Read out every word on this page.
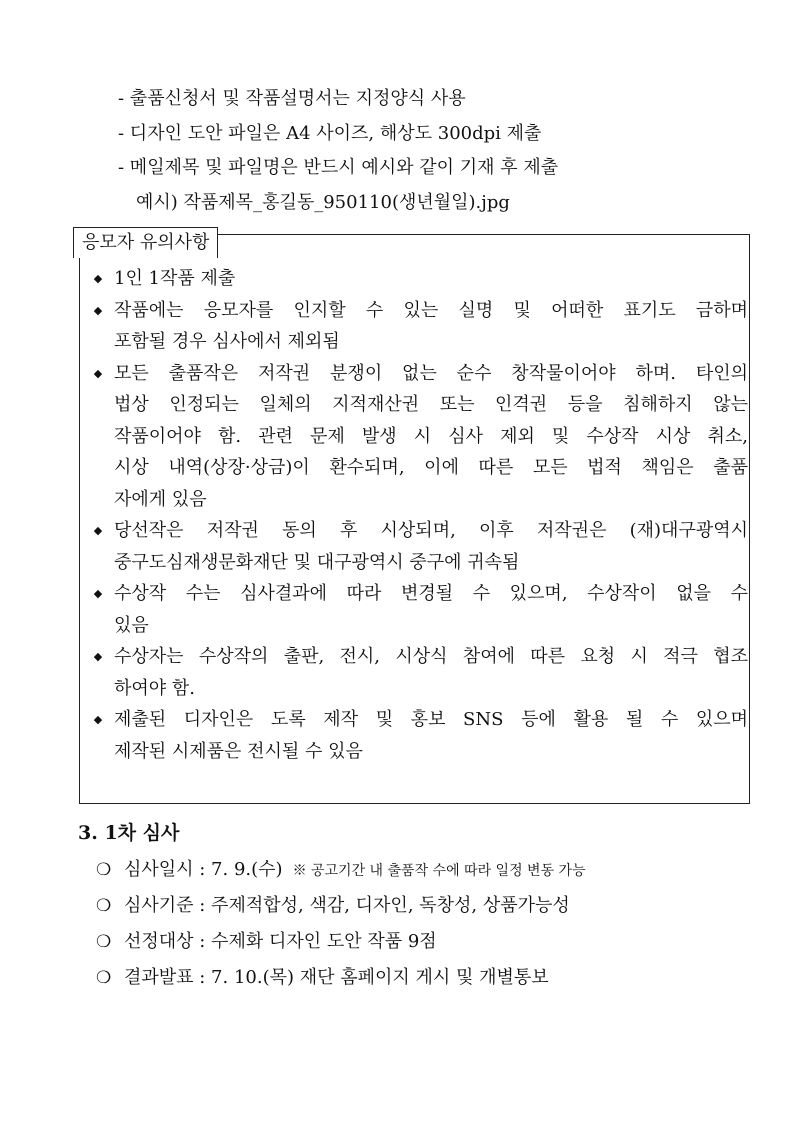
- 출품신청서 및 작품설명서는 지정양식 사용
- 디자인 도안 파일은 A4 사이즈, 해상도 300dpi 제출
- 메일제목 및 파일명은 반드시 예시와 같이 기재 후 제출
예시) 작품제목_홍길동_950110(생년월일).jpg
응모자 유의사항
◆ 1인 1작품 제출
◆ 작품에는 응모자를 인지할 수 있는 실명 및 어떠한 표기도 금하며
포함될 경우 심사에서 제외됨
◆ 모든 출품작은 저작권 분쟁이 없는 순수 창작물이어야 하며. 타인의
법상 인정되는 일체의 지적재산권 또는 인격권 등을 침해하지 않는
작품이어야 함. 관련 문제 발생 시 심사 제외 및 수상작 시상 취소,
시상 내역(상장·상금)이 환수되며, 이에 따른 모든 법적 책임은 출품
자에게 있음
◆ 당선작은 저작권 동의 후 시상되며, 이후 저작권은 (재)대구광역시
중구도심재생문화재단 및 대구광역시 중구에 귀속됨
◆ 수상작 수는 심사결과에 따라 변경될 수 있으며, 수상작이 없을 수
있음
◆ 수상자는 수상작의 출판, 전시, 시상식 참여에 따른 요청 시 적극 협조
하여야 함.
◆ 제출된 디자인은 도록 제작 및 홍보 SNS 등에 활용 될 수 있으며
제작된 시제품은 전시될 수 있음
3. 1차 심사
❍ 심사일시 : 7. 9.(수) ※ 공고기간 내 출품작 수에 따라 일정 변동 가능
❍ 심사기준 : 주제적합성, 색감, 디자인, 독창성, 상품가능성
❍ 선정대상 : 수제화 디자인 도안 작품 9점
❍ 결과발표 : 7. 10.(목) 재단 홈페이지 게시 및 개별통보
